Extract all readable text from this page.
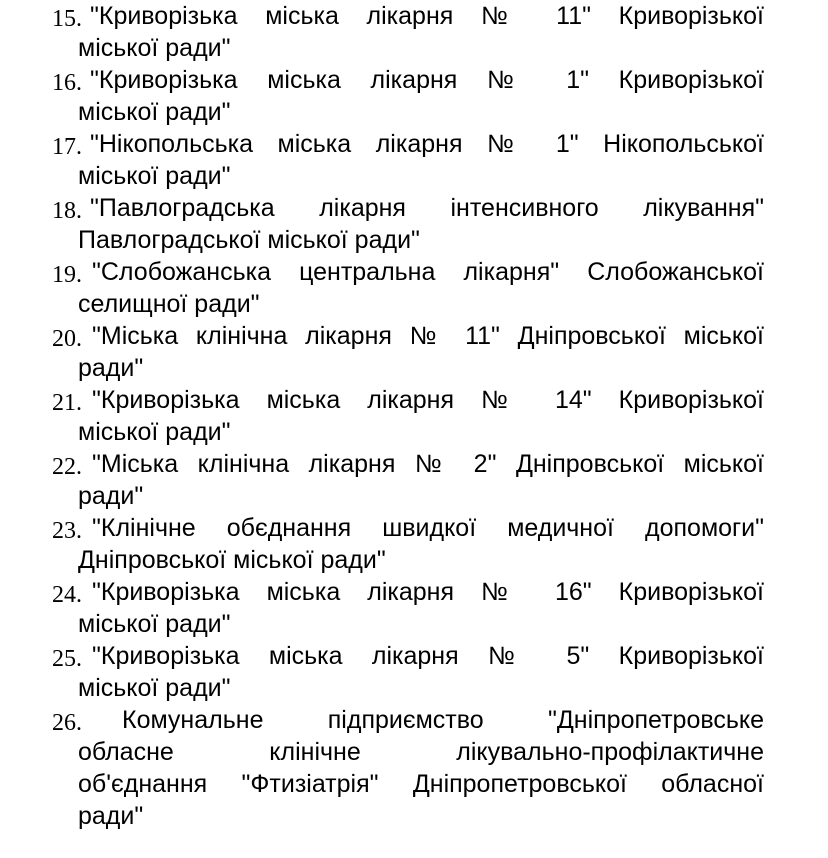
15. "Криворізька міська лікарня № 11" Криворізької
міської ради"
16. "Криворізька міська лікарня № 1" Криворізької
міської ради"
17. "Нікопольська міська лікарня № 1" Нікопольської
міської ради"
18. "Павлоградська лікарня інтенсивного лікування"
Павлоградської міської ради"
19. "Слобожанська центральна лікарня" Слобожанської
селищної ради"
20. "Міська клінічна лікарня № 11" Дніпровської міської
ради"
21. "Криворізька міська лікарня № 14" Криворізької
міської ради"
22. "Міська клінічна лікарня № 2" Дніпровської міської
ради"
23. "Клінічне обєднання швидкої медичної допомоги"
Дніпровської міської ради"
24. "Криворізька міська лікарня № 16" Криворізької
міської ради"
25. "Криворізька міська лікарня № 5" Криворізької
міської ради"
26. Комунальне підприємство "Дніпропетровське
обласне клінічне лікувально-профілактичне
об'єднання "Фтизіатрія" Дніпропетровської обласної
ради"
